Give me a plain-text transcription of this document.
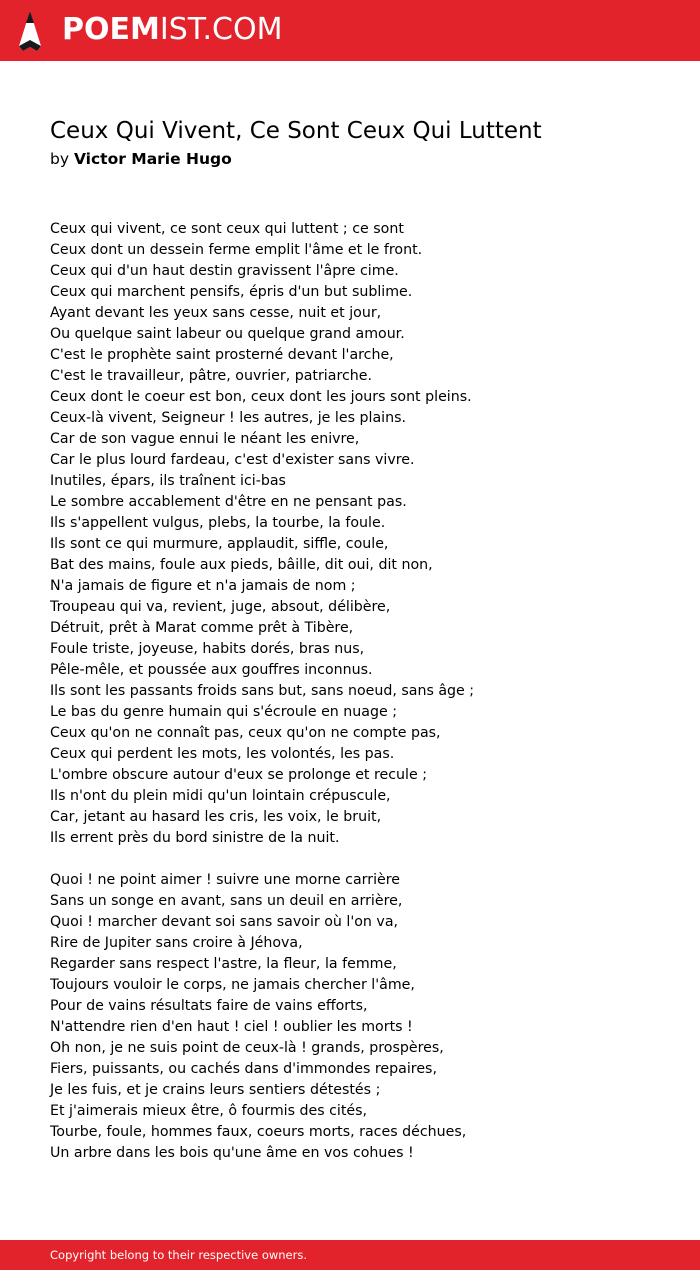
POEMIST.COM
Ceux Qui Vivent, Ce Sont Ceux Qui Luttent
by Victor Marie Hugo
Ceux qui vivent, ce sont ceux qui luttent ; ce sont
Ceux dont un dessein ferme emplit l'âme et le front.
Ceux qui d'un haut destin gravissent l'âpre cime.
Ceux qui marchent pensifs, épris d'un but sublime.
Ayant devant les yeux sans cesse, nuit et jour,
Ou quelque saint labeur ou quelque grand amour.
C'est le prophète saint prosterné devant l'arche,
C'est le travailleur, pâtre, ouvrier, patriarche.
Ceux dont le coeur est bon, ceux dont les jours sont pleins.
Ceux-là vivent, Seigneur ! les autres, je les plains.
Car de son vague ennui le néant les enivre,
Car le plus lourd fardeau, c'est d'exister sans vivre.
Inutiles, épars, ils traînent ici-bas
Le sombre accablement d'être en ne pensant pas.
Ils s'appellent vulgus, plebs, la tourbe, la foule.
Ils sont ce qui murmure, applaudit, siffle, coule,
Bat des mains, foule aux pieds, bâille, dit oui, dit non,
N'a jamais de figure et n'a jamais de nom ;
Troupeau qui va, revient, juge, absout, délibère,
Détruit, prêt à Marat comme prêt à Tibère,
Foule triste, joyeuse, habits dorés, bras nus,
Pêle-mêle, et poussée aux gouffres inconnus.
Ils sont les passants froids sans but, sans noeud, sans âge ;
Le bas du genre humain qui s'écroule en nuage ;
Ceux qu'on ne connaît pas, ceux qu'on ne compte pas,
Ceux qui perdent les mots, les volontés, les pas.
L'ombre obscure autour d'eux se prolonge et recule ;
Ils n'ont du plein midi qu'un lointain crépuscule,
Car, jetant au hasard les cris, les voix, le bruit,
Ils errent près du bord sinistre de la nuit.
Quoi ! ne point aimer ! suivre une morne carrière
Sans un songe en avant, sans un deuil en arrière,
Quoi ! marcher devant soi sans savoir où l'on va,
Rire de Jupiter sans croire à Jéhova,
Regarder sans respect l'astre, la fleur, la femme,
Toujours vouloir le corps, ne jamais chercher l'âme,
Pour de vains résultats faire de vains efforts,
N'attendre rien d'en haut ! ciel ! oublier les morts !
Oh non, je ne suis point de ceux-là ! grands, prospères,
Fiers, puissants, ou cachés dans d'immondes repaires,
Je les fuis, et je crains leurs sentiers détestés ;
Et j'aimerais mieux être, ô fourmis des cités,
Tourbe, foule, hommes faux, coeurs morts, races déchues,
Un arbre dans les bois qu'une âme en vos cohues !
Copyright belong to their respective owners.
